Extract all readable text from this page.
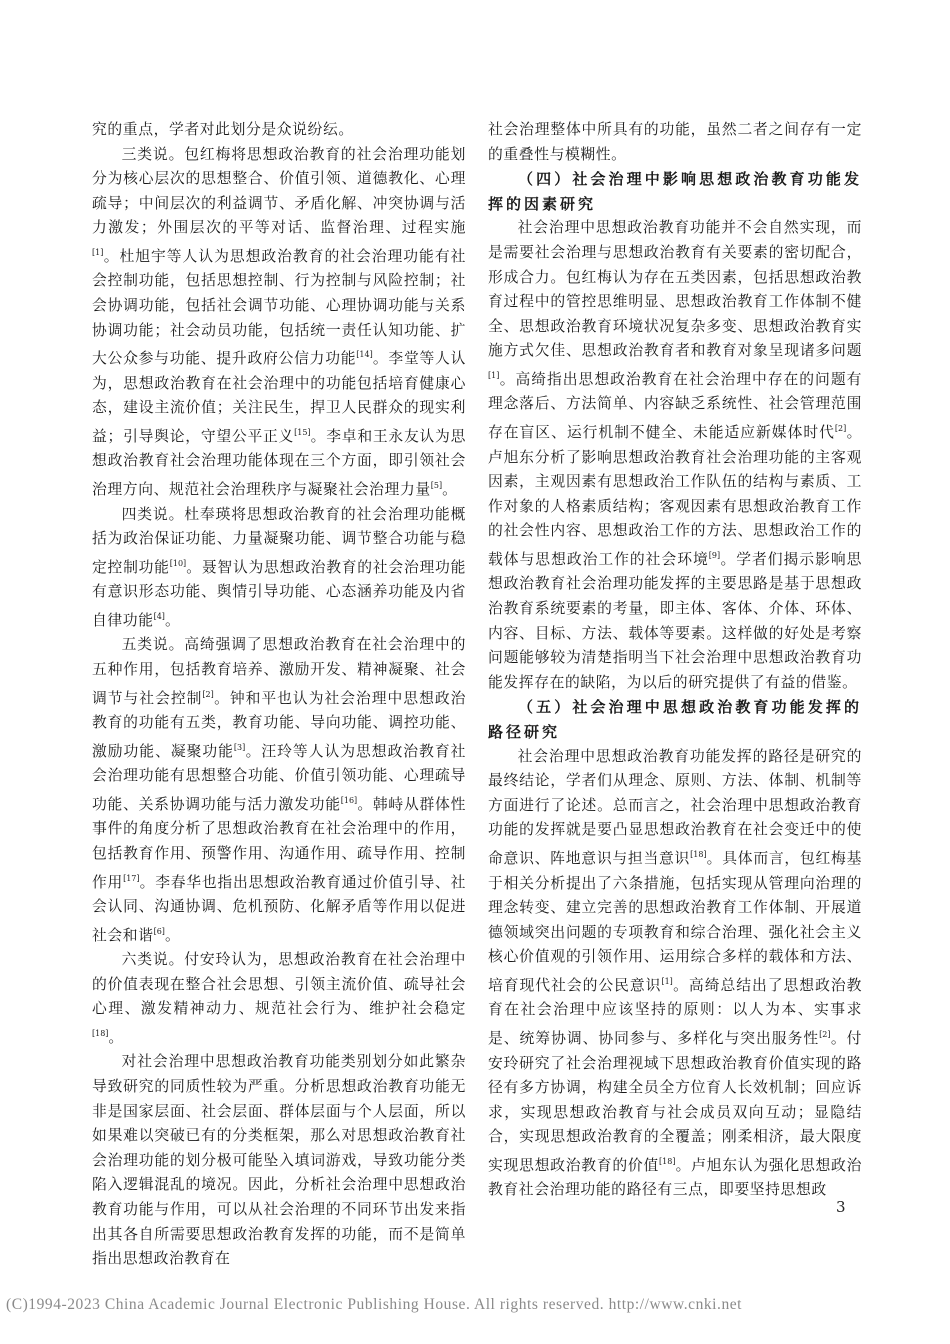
究的重点，学者对此划分是众说纷纭。

三类说。包红梅将思想政治教育的社会治理功能划分为核心层次的思想整合、价值引领、道德教化、心理疏导；中间层次的利益调节、矛盾化解、冲突协调与活力激发；外围层次的平等对话、监督治理、过程实施[1]。杜旭宇等人认为思想政治教育的社会治理功能有社会控制功能，包括思想控制、行为控制与风险控制；社会协调功能，包括社会调节功能、心理协调功能与关系协调功能；社会动员功能，包括统一责任认知功能、扩大公众参与功能、提升政府公信力功能[14]。李堂等人认为，思想政治教育在社会治理中的功能包括培育健康心态，建设主流价值；关注民生，捍卫人民群众的现实利益；引导舆论，守望公平正义[15]。李卓和王永友认为思想政治教育社会治理功能体现在三个方面，即引领社会治理方向、规范社会治理秩序与凝聚社会治理力量[5]。

四类说。杜奉瑛将思想政治教育的社会治理功能概括为政治保证功能、力量凝聚功能、调节整合功能与稳定控制功能[10]。聂智认为思想政治教育的社会治理功能有意识形态功能、舆情引导功能、心态涵养功能及内省自律功能[4]。

五类说。高绮强调了思想政治教育在社会治理中的五种作用，包括教育培养、激励开发、精神凝聚、社会调节与社会控制[2]。钟和平也认为社会治理中思想政治教育的功能有五类，教育功能、导向功能、调控功能、激励功能、凝聚功能[3]。汪玲等人认为思想政治教育社会治理功能有思想整合功能、价值引领功能、心理疏导功能、关系协调功能与活力激发功能[16]。韩峙从群体性事件的角度分析了思想政治教育在社会治理中的作用，包括教育作用、预警作用、沟通作用、疏导作用、控制作用[17]。李春华也指出思想政治教育通过价值引导、社会认同、沟通协调、危机预防、化解矛盾等作用以促进社会和谐[6]。

六类说。付安玲认为，思想政治教育在社会治理中的价值表现在整合社会思想、引领主流价值、疏导社会心理、激发精神动力、规范社会行为、维护社会稳定[18]。

对社会治理中思想政治教育功能类别划分如此繁杂导致研究的同质性较为严重。分析思想政治教育功能无非是国家层面、社会层面、群体层面与个人层面，所以如果难以突破已有的分类框架，那么对思想政治教育社会治理功能的划分极可能坠入填词游戏，导致功能分类陷入逻辑混乱的境况。因此，分析社会治理中思想政治教育功能与作用，可以从社会治理的不同环节出发来指出其各自所需要思想政治教育发挥的功能，而不是简单指出思想政治教育在

社会治理整体中所具有的功能，虽然二者之间存有一定的重叠性与模糊性。

（四）社会治理中影响思想政治教育功能发挥的因素研究

社会治理中思想政治教育功能并不会自然实现，而是需要社会治理与思想政治教育有关要素的密切配合，形成合力。包红梅认为存在五类因素，包括思想政治教育过程中的管控思维明显、思想政治教育工作体制不健全、思想政治教育环境状况复杂多变、思想政治教育实施方式欠佳、思想政治教育者和教育对象呈现诸多问题[1]。高绮指出思想政治教育在社会治理中存在的问题有理念落后、方法简单、内容缺乏系统性、社会管理范围存在盲区、运行机制不健全、未能适应新媒体时代[2]。卢旭东分析了影响思想政治教育社会治理功能的主客观因素，主观因素有思想政治工作队伍的结构与素质、工作对象的人格素质结构；客观因素有思想政治教育工作的社会性内容、思想政治工作的方法、思想政治工作的载体与思想政治工作的社会环境[9]。学者们揭示影响思想政治教育社会治理功能发挥的主要思路是基于思想政治教育系统要素的考量，即主体、客体、介体、环体、内容、目标、方法、载体等要素。这样做的好处是考察问题能够较为清楚指明当下社会治理中思想政治教育功能发挥存在的缺陷，为以后的研究提供了有益的借鉴。

（五）社会治理中思想政治教育功能发挥的路径研究

社会治理中思想政治教育功能发挥的路径是研究的最终结论，学者们从理念、原则、方法、体制、机制等方面进行了论述。总而言之，社会治理中思想政治教育功能的发挥就是要凸显思想政治教育在社会变迁中的使命意识、阵地意识与担当意识[18]。具体而言，包红梅基于相关分析提出了六条措施，包括实现从管理向治理的理念转变、建立完善的思想政治教育工作体制、开展道德领域突出问题的专项教育和综合治理、强化社会主义核心价值观的引领作用、运用综合多样的载体和方法、培育现代社会的公民意识[1]。高绮总结出了思想政治教育在社会治理中应该坚持的原则：以人为本、实事求是、统筹协调、协同参与、多样化与突出服务性[2]。付安玲研究了社会治理视域下思想政治教育价值实现的路径有多方协调，构建全员全方位育人长效机制；回应诉求，实现思想政治教育与社会成员双向互动；显隐结合，实现思想政治教育的全覆盖；刚柔相济，最大限度实现思想政治教育的价值[18]。卢旭东认为强化思想政治教育社会治理功能的路径有三点，即要坚持思想政

3
(C)1994-2023 China Academic Journal Electronic Publishing House. All rights reserved. http://www.cnki.net
